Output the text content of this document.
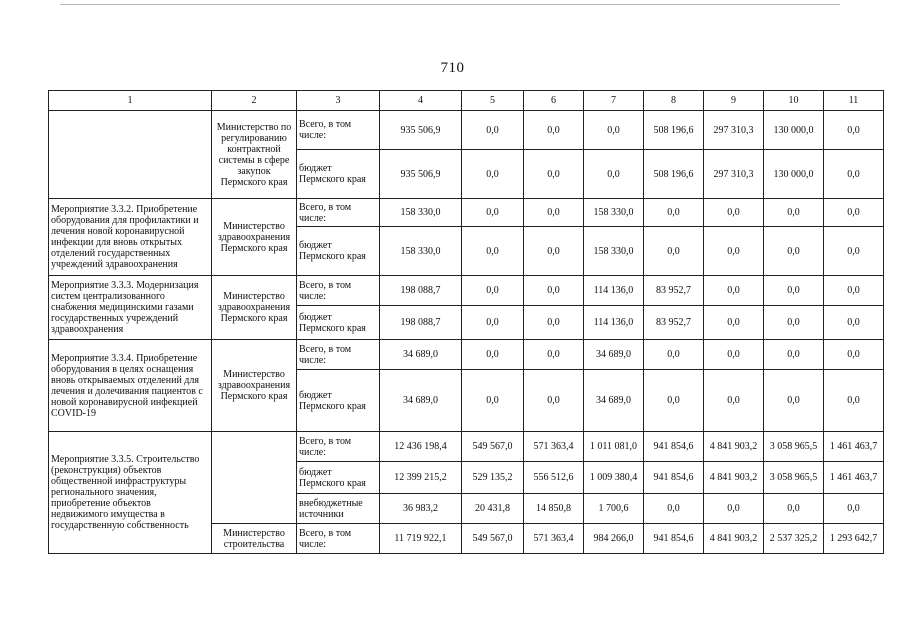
710
1	2	3	4	5	6	7	8	9	10	11
	Министерство по регулированию контрактной системы в сфере закупок Пермского края	Всего, в том числе:	935 506,9	0,0	0,0	0,0	508 196,6	297 310,3	130 000,0	0,0
		бюджет Пермского края	935 506,9	0,0	0,0	0,0	508 196,6	297 310,3	130 000,0	0,0
Мероприятие 3.3.2. Приобретение оборудования для профилактики и лечения новой коронавирусной инфекции для вновь открытых отделений государственных учреждений здравоохранения	Министерство здравоохранения Пермского края	Всего, в том числе:	158 330,0	0,0	0,0	158 330,0	0,0	0,0	0,0	0,0
		бюджет Пермского края	158 330,0	0,0	0,0	158 330,0	0,0	0,0	0,0	0,0
Мероприятие 3.3.3. Модернизация систем централизованного снабжения медицинскими газами государственных учреждений здравоохранения	Министерство здравоохранения Пермского края	Всего, в том числе:	198 088,7	0,0	0,0	114 136,0	83 952,7	0,0	0,0	0,0
		бюджет Пермского края	198 088,7	0,0	0,0	114 136,0	83 952,7	0,0	0,0	0,0
Мероприятие 3.3.4. Приобретение оборудования в целях оснащения вновь открываемых отделений для лечения и долечивания пациентов с новой коронавирусной инфекцией COVID-19	Министерство здравоохранения Пермского края	Всего, в том числе:	34 689,0	0,0	0,0	34 689,0	0,0	0,0	0,0	0,0
		бюджет Пермского края	34 689,0	0,0	0,0	34 689,0	0,0	0,0	0,0	0,0
Мероприятие 3.3.5. Строительство (реконструкция) объектов общественной инфраструктуры регионального значения, приобретение объектов недвижимого имущества в государственную собственность		Всего, в том числе:	12 436 198,4	549 567,0	571 363,4	1 011 081,0	941 854,6	4 841 903,2	3 058 965,5	1 461 463,7
		бюджет Пермского края	12 399 215,2	529 135,2	556 512,6	1 009 380,4	941 854,6	4 841 903,2	3 058 965,5	1 461 463,7
		внебюджетные источники	36 983,2	20 431,8	14 850,8	1 700,6	0,0	0,0	0,0	0,0
	Министерство строительства	Всего, в том числе:	11 719 922,1	549 567,0	571 363,4	984 266,0	941 854,6	4 841 903,2	2 537 325,2	1 293 642,7
